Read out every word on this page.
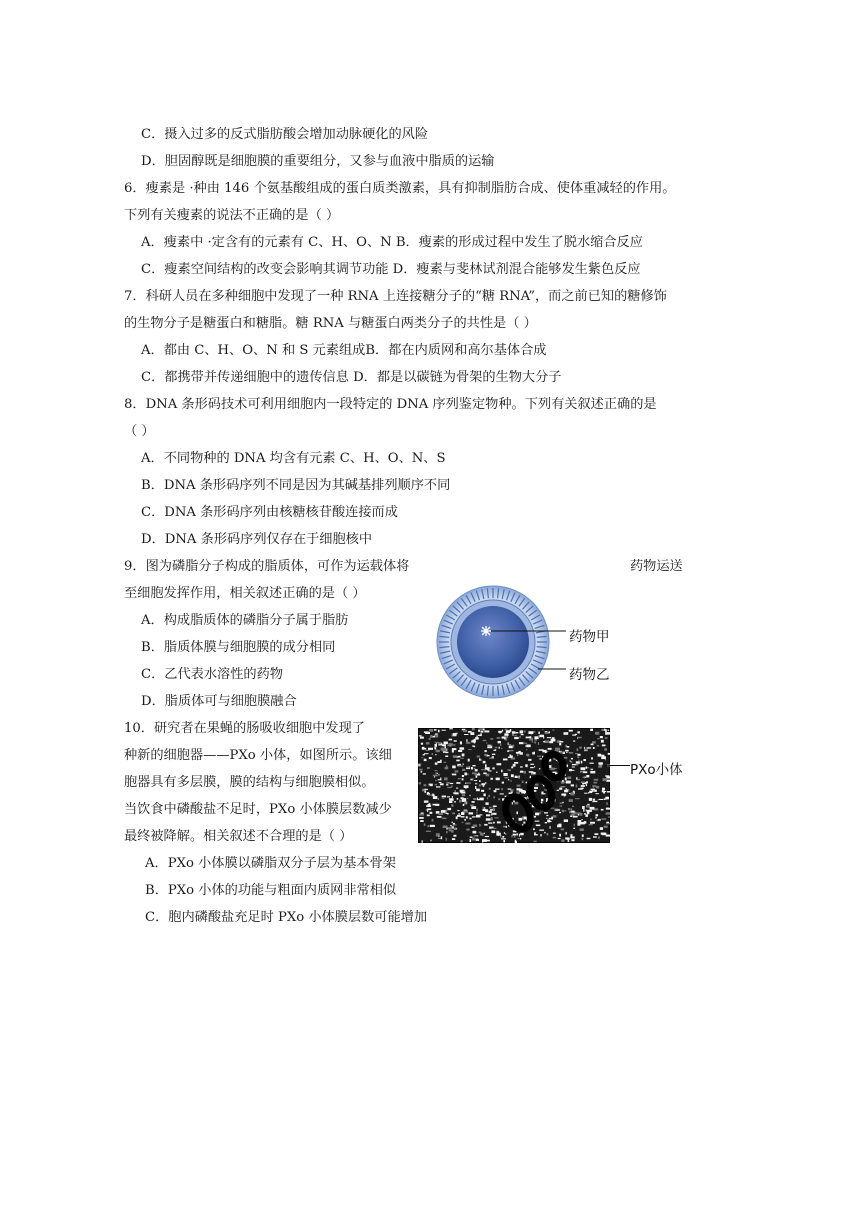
C．摄入过多的反式脂肪酸会增加动脉硬化的风险
D．胆固醇既是细胞膜的重要组分，又参与血液中脂质的运输
6．瘦素是 ·种由 146 个氨基酸组成的蛋白质类激素，具有抑制脂肪合成、使体重减轻的作用。
下列有关瘦素的说法不正确的是（ ）
A．瘦素中 ·定含有的元素有 C、H、O、N B．瘦素的形成过程中发生了脱水缩合反应
C．瘦素空间结构的改变会影响其调节功能 D．瘦素与斐林试剂混合能够发生紫色反应
7．科研人员在多种细胞中发现了一种 RNA 上连接糖分子的“糖 RNA”，而之前已知的糖修饰
的生物分子是糖蛋白和糖脂。糖 RNA 与糖蛋白两类分子的共性是（ ）
A．都由 C、H、O、N 和 S 元素组成B．都在内质网和高尔基体合成
C．都携带并传递细胞中的遗传信息 D．都是以碳链为骨架的生物大分子
8．DNA 条形码技术可利用细胞内一段特定的 DNA 序列鉴定物种。下列有关叙述正确的是
（ ）
A．不同物种的 DNA 均含有元素 C、H、O、N、S
B．DNA 条形码序列不同是因为其碱基排列顺序不同
C．DNA 条形码序列由核糖核苷酸连接而成
D．DNA 条形码序列仅存在于细胞核中
9．图为磷脂分子构成的脂质体，可作为运载体将	药物运送
至细胞发挥作用，相关叙述正确的是（ ）
A．构成脂质体的磷脂分子属于脂肪
B．脂质体膜与细胞膜的成分相同
C．乙代表水溶性的药物
D．脂质体可与细胞膜融合
10．研究者在果蝇的肠吸收细胞中发现了
种新的细胞器——PXo 小体，如图所示。该细
胞器具有多层膜，膜的结构与细胞膜相似。
当饮食中磷酸盐不足时，PXo 小体膜层数减少
最终被降解。相关叙述不合理的是（ ）
A．PXo 小体膜以磷脂双分子层为基本骨架
B．PXo 小体的功能与粗面内质网非常相似
C．胞内磷酸盐充足时 PXo 小体膜层数可能增加
药物甲
药物乙
PXo小体
